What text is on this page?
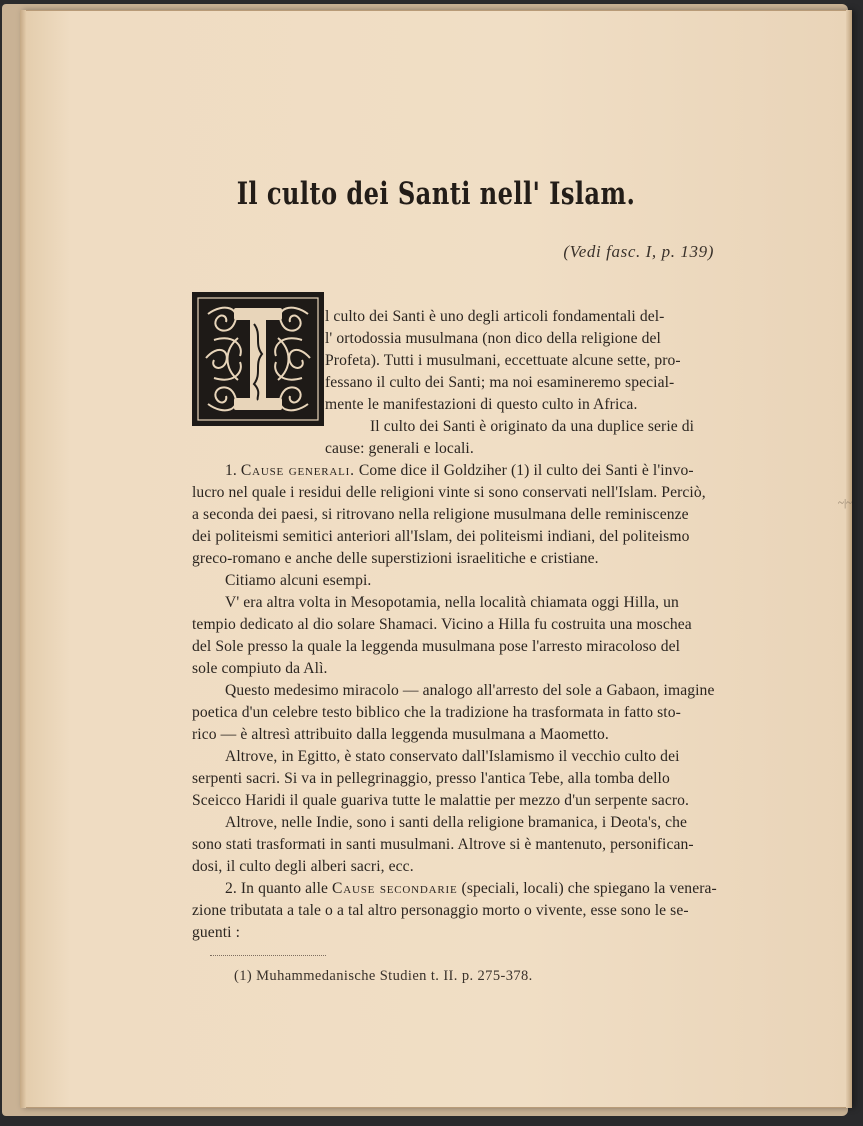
Il culto dei Santi nell' Islam.
(Vedi fasc. I, p. 139)
l culto dei Santi è uno degli articoli fondamentali del-
l' ortodossia musulmana (non dico della religione del
Profeta). Tutti i musulmani, eccettuate alcune sette, pro-
fessano il culto dei Santi; ma noi esamineremo special-
mente le manifestazioni di questo culto in Africa.
Il culto dei Santi è originato da una duplice serie di
cause: generali e locali.
1. Cause generali. Come dice il Goldziher (1) il culto dei Santi è l'invo-
lucro nel quale i residui delle religioni vinte si sono conservati nell'Islam. Perciò,
a seconda dei paesi, si ritrovano nella religione musulmana delle reminiscenze
dei politeismi semitici anteriori all'Islam, dei politeismi indiani, del politeismo
greco-romano e anche delle superstizioni israelitiche e cristiane.
Citiamo alcuni esempi.
V' era altra volta in Mesopotamia, nella località chiamata oggi Hilla, un
tempio dedicato al dio solare Shamaci. Vicino a Hilla fu costruita una moschea
del Sole presso la quale la leggenda musulmana pose l'arresto miracoloso del
sole compiuto da Alì.
Questo medesimo miracolo — analogo all'arresto del sole a Gabaon, imagine
poetica d'un celebre testo biblico che la tradizione ha trasformata in fatto sto-
rico — è altresì attribuito dalla leggenda musulmana a Maometto.
Altrove, in Egitto, è stato conservato dall'Islamismo il vecchio culto dei
serpenti sacri. Si va in pellegrinaggio, presso l'antica Tebe, alla tomba dello
Sceicco Haridi il quale guariva tutte le malattie per mezzo d'un serpente sacro.
Altrove, nelle Indie, sono i santi della religione bramanica, i Deota's, che
sono stati trasformati in santi musulmani. Altrove si è mantenuto, personifican-
dosi, il culto degli alberi sacri, ecc.
2. In quanto alle Cause secondarie (speciali, locali) che spiegano la venera-
zione tributata a tale o a tal altro personaggio morto o vivente, esse sono le se-
guenti :
(1) Muhammedanische Studien t. II. p. 275-378.
~|~
